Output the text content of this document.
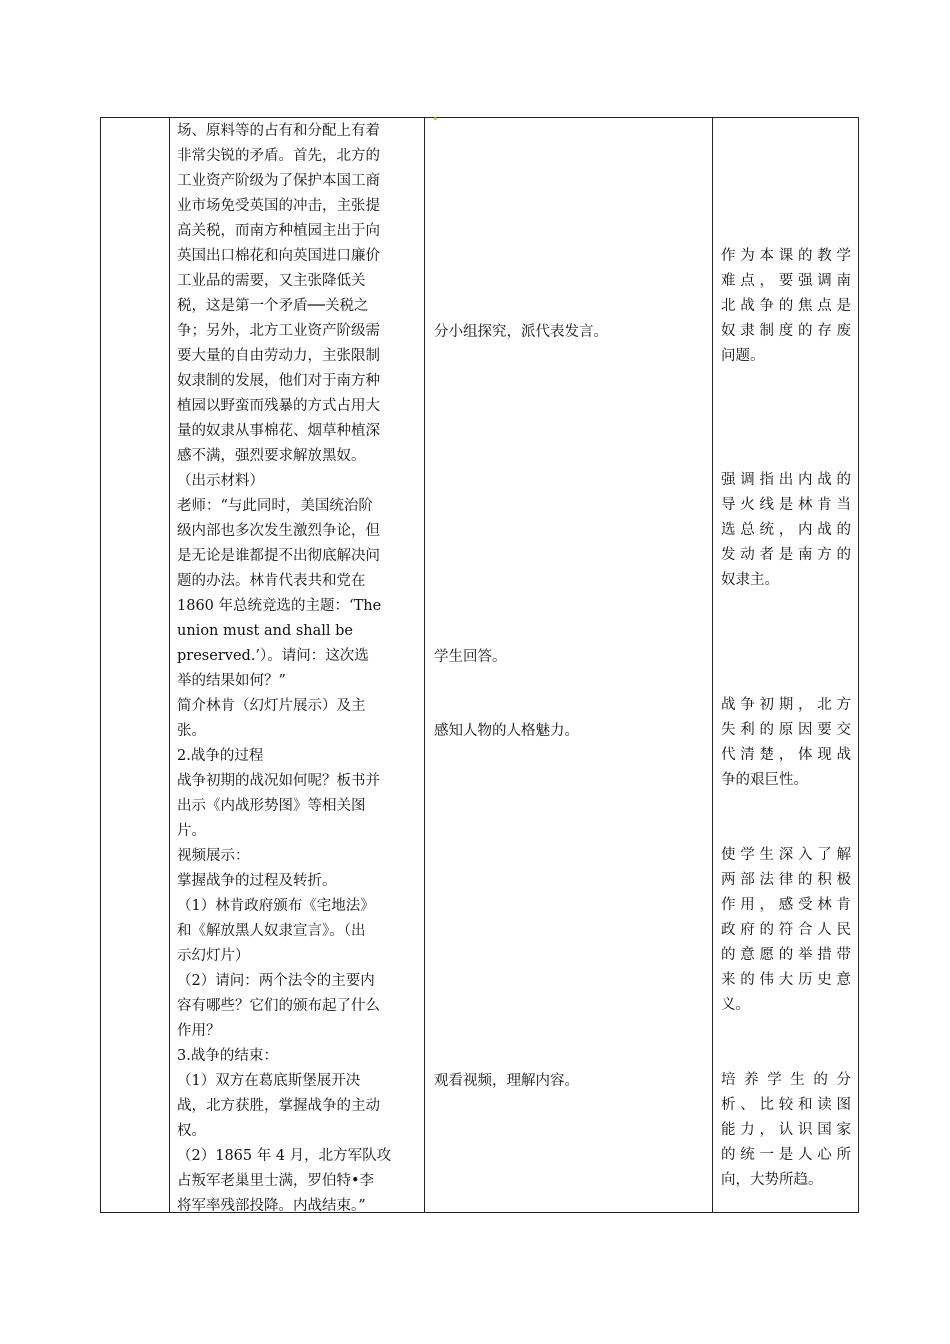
场、原料等的占有和分配上有着
非常尖锐的矛盾。首先，北方的
工业资产阶级为了保护本国工商
业市场免受英国的冲击，主张提
高关税，而南方种植园主出于向
英国出口棉花和向英国进口廉价
工业品的需要，又主张降低关
税，这是第一个矛盾──关税之
争；另外，北方工业资产阶级需
要大量的自由劳动力，主张限制
奴隶制的发展，他们对于南方种
植园以野蛮而残暴的方式占用大
量的奴隶从事棉花、烟草种植深
感不满，强烈要求解放黑奴。
（出示材料）
老师：“与此同时，美国统治阶
级内部也多次发生激烈争论，但
是无论是谁都提不出彻底解决问
题的办法。林肯代表共和党在
1860 年总统竞选的主题：‘The
union must and shall be
preserved.’）。请问：这次选
举的结果如何？”
简介林肯（幻灯片展示）及主
张。
2.战争的过程
战争初期的战况如何呢？板书并
出示《内战形势图》等相关图
片。
视频展示：
掌握战争的过程及转折。
（1）林肯政府颁布《宅地法》
和《解放黑人奴隶宣言》。（出
示幻灯片）
（2）请问：两个法令的主要内
容有哪些？它们的颁布起了什么
作用？
3.战争的结束：
（1）双方在葛底斯堡展开决
战，北方获胜，掌握战争的主动
权。
（2）1865 年 4 月，北方军队攻
占叛军老巢里士满，罗伯特•李
将军率残部投降。内战结束。”
分小组探究，派代表发言。
学生回答。
感知人物的人格魅力。
观看视频，理解内容。
作为本课的教学
难点，要强调南
北战争的焦点是
奴隶制度的存废
问题。
强调指出内战的
导火线是林肯当
选总统，内战的
发动者是南方的
奴隶主。
战争初期，北方
失利的原因要交
代清楚，体现战
争的艰巨性。
使学生深入了解
两部法律的积极
作用，感受林肯
政府的符合人民
的意愿的举措带
来的伟大历史意
义。
培养学生的分
析、比较和读图
能力，认识国家
的统一是人心所
向，大势所趋。
